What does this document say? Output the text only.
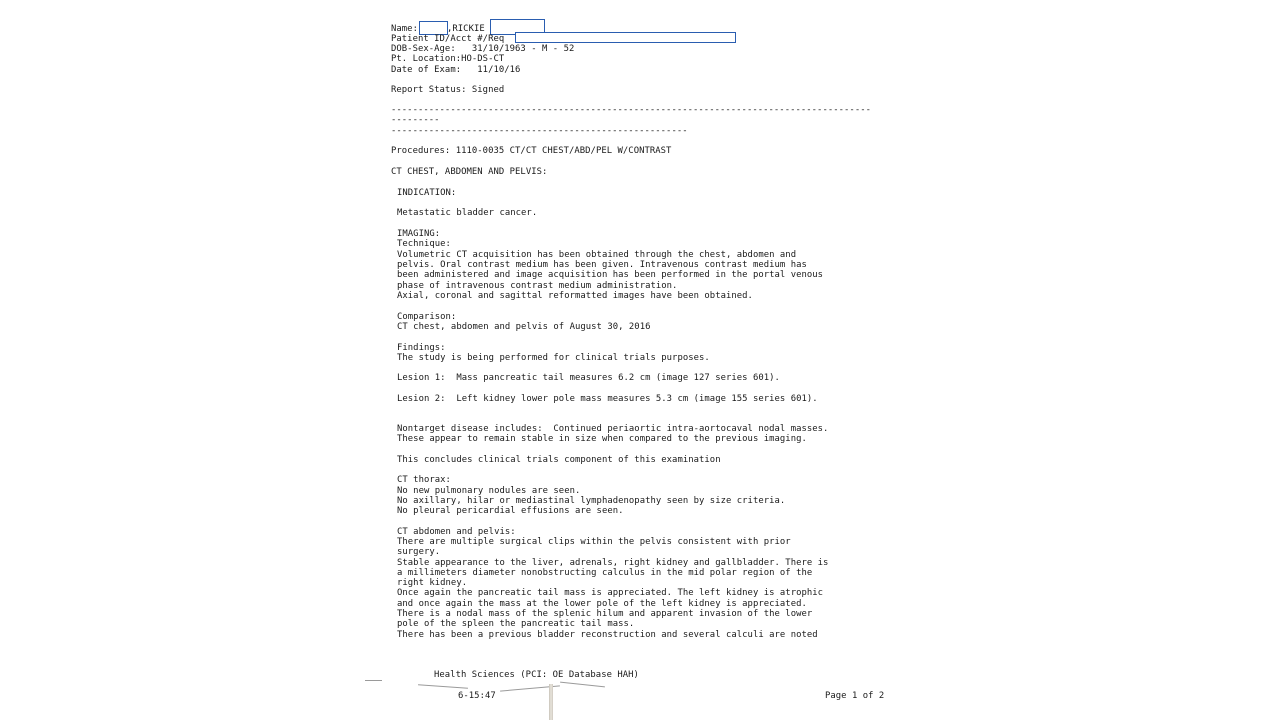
Name:	,RICKIE
Patient ID/Acct #/Req
DOB-Sex-Age:   31/10/1963 - M - 52
Pt. Location:HO-DS-CT
Date of Exam:   11/10/16
Report Status: Signed
-----------------------------------------------------------------------------------------
---------
-------------------------------------------------------
Procedures: 1110-0035 CT/CT CHEST/ABD/PEL W/CONTRAST
CT CHEST, ABDOMEN AND PELVIS:
INDICATION:
Metastatic bladder cancer.
IMAGING:
Technique:
Volumetric CT acquisition has been obtained through the chest, abdomen and
pelvis. Oral contrast medium has been given. Intravenous contrast medium has
been administered and image acquisition has been performed in the portal venous
phase of intravenous contrast medium administration.
Axial, coronal and sagittal reformatted images have been obtained.
Comparison:
CT chest, abdomen and pelvis of August 30, 2016
Findings:
The study is being performed for clinical trials purposes.
Lesion 1:  Mass pancreatic tail measures 6.2 cm (image 127 series 601).
Lesion 2:  Left kidney lower pole mass measures 5.3 cm (image 155 series 601).
Nontarget disease includes:  Continued periaortic intra-aortocaval nodal masses.
These appear to remain stable in size when compared to the previous imaging.
This concludes clinical trials component of this examination
CT thorax:
No new pulmonary nodules are seen.
No axillary, hilar or mediastinal lymphadenopathy seen by size criteria.
No pleural pericardial effusions are seen.
CT abdomen and pelvis:
There are multiple surgical clips within the pelvis consistent with prior
surgery.
Stable appearance to the liver, adrenals, right kidney and gallbladder. There is
a millimeters diameter nonobstructing calculus in the mid polar region of the
right kidney.
Once again the pancreatic tail mass is appreciated. The left kidney is atrophic
and once again the mass at the lower pole of the left kidney is appreciated.
There is a nodal mass of the splenic hilum and apparent invasion of the lower
pole of the spleen the pancreatic tail mass.
There has been a previous bladder reconstruction and several calculi are noted
Health Sciences (PCI: OE Database HAH)
6-15:47	Page 1 of 2
